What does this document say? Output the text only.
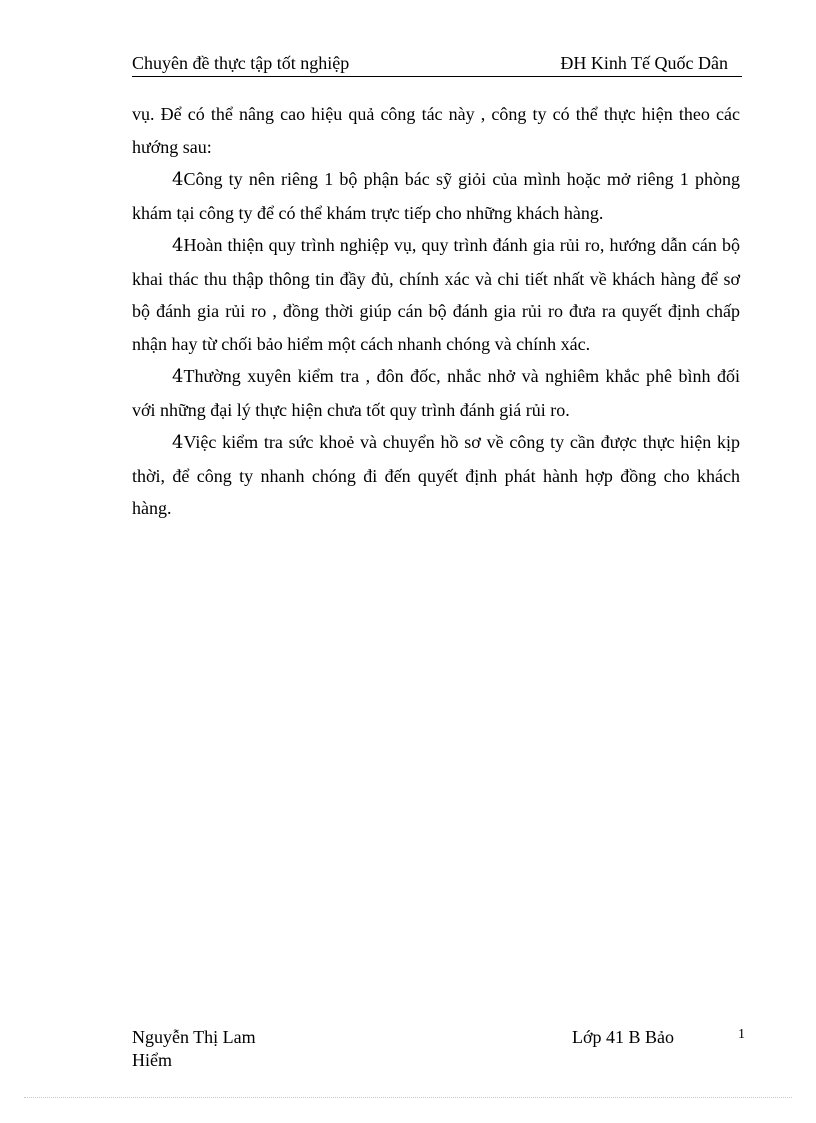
Chuyên đề thực tập tốt nghiệp	ĐH Kinh Tế Quốc Dân

vụ. Để có thể nâng cao hiệu quả công tác này , công ty có thể thực hiện theo các hướng sau:

4Công ty nên riêng 1 bộ phận bác sỹ giỏi của mình hoặc mở riêng 1 phòng khám tại công ty để có thể khám trực tiếp cho những khách hàng.

4Hoàn thiện quy trình nghiệp vụ, quy trình đánh gia rủi ro, hướng dẫn cán bộ khai thác thu thập thông tin đầy đủ, chính xác và chi tiết nhất về khách hàng để sơ bộ đánh gia rủi ro , đồng thời giúp cán bộ đánh gia rủi ro đưa ra quyết định chấp nhận hay từ chối bảo hiểm một cách nhanh chóng và chính xác.

4Thường xuyên kiểm tra , đôn đốc, nhắc nhở và nghiêm khắc phê bình đối với những đại lý thực hiện chưa tốt quy trình đánh giá rủi ro.

4Việc kiểm tra sức khoẻ và chuyển hồ sơ về công ty cần được thực hiện kịp thời, để công ty nhanh chóng đi đến quyết định phát hành hợp đồng cho khách hàng.

Nguyễn Thị Lam
Hiểm
Lớp 41 B Bảo	1
